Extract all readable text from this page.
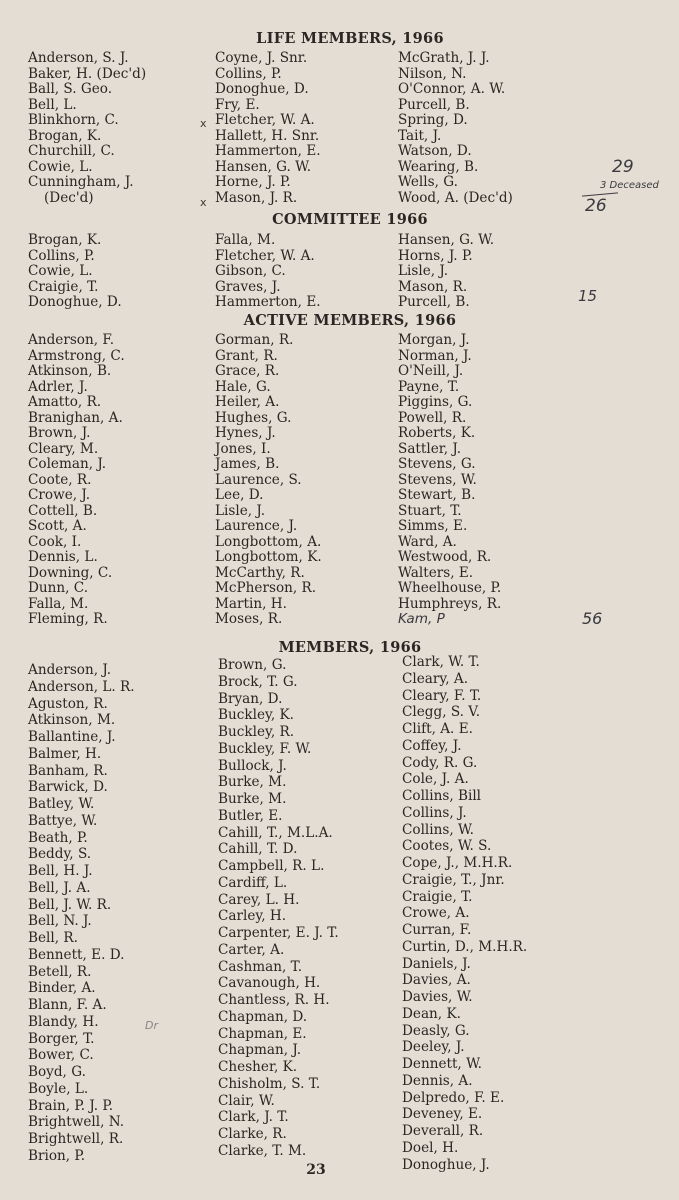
LIFE MEMBERS, 1966
Anderson, S. J.
Baker, H. (Dec'd)
Ball, S. Geo.
Bell, L.
Blinkhorn, C.
Brogan, K.
Churchill, C.
Cowie, L.
Cunningham, J.
(Dec'd)
Coyne, J. Snr.
Collins, P.
Donoghue, D.
Fry, E.
Fletcher, W. A.
Hallett, H. Snr.
Hammerton, E.
Hansen, G. W.
Horne, J. P.
Mason, J. R.
McGrath, J. J.
Nilson, N.
O'Connor, A. W.
Purcell, B.
Spring, D.
Tait, J.
Watson, D.
Wearing, B.
Wells, G.
Wood, A. (Dec'd)
x
x
COMMITTEE 1966
Brogan, K.
Collins, P.
Cowie, L.
Craigie, T.
Donoghue, D.
Falla, M.
Fletcher, W. A.
Gibson, C.
Graves, J.
Hammerton, E.
Hansen, G. W.
Horns, J. P.
Lisle, J.
Mason, R.
Purcell, B.
ACTIVE MEMBERS, 1966
Anderson, F.
Armstrong, C.
Atkinson, B.
Adrler, J.
Amatto, R.
Branighan, A.
Brown, J.
Cleary, M.
Coleman, J.
Coote, R.
Crowe, J.
Cottell, B.
Scott, A.
Cook, I.
Dennis, L.
Downing, C.
Dunn, C.
Falla, M.
Fleming, R.
Gorman, R.
Grant, R.
Grace, R.
Hale, G.
Heiler, A.
Hughes, G.
Hynes, J.
Jones, I.
James, B.
Laurence, S.
Lee, D.
Lisle, J.
Laurence, J.
Longbottom, A.
Longbottom, K.
McCarthy, R.
McPherson, R.
Martin, H.
Moses, R.
Morgan, J.
Norman, J.
O'Neill, J.
Payne, T.
Piggins, G.
Powell, R.
Roberts, K.
Sattler, J.
Stevens, G.
Stevens, W.
Stewart, B.
Stuart, T.
Simms, E.
Ward, A.
Westwood, R.
Walters, E.
Wheelhouse, P.
Humphreys, R.
Kam, P
MEMBERS, 1966
Anderson, J.
Anderson, L. R.
Aguston, R.
Atkinson, M.
Ballantine, J.
Balmer, H.
Banham, R.
Barwick, D.
Batley, W.
Battye, W.
Beath, P.
Beddy, S.
Bell, H. J.
Bell, J. A.
Bell, J. W. R.
Bell, N. J.
Bell, R.
Bennett, E. D.
Betell, R.
Binder, A.
Blann, F. A.
Blandy, H.
Borger, T.
Bower, C.
Boyd, G.
Boyle, L.
Brain, P. J. P.
Brightwell, N.
Brightwell, R.
Brion, P.
Brown, G.
Brock, T. G.
Bryan, D.
Buckley, K.
Buckley, R.
Buckley, F. W.
Bullock, J.
Burke, M.
Burke, M.
Butler, E.
Cahill, T., M.L.A.
Cahill, T. D.
Campbell, R. L.
Cardiff, L.
Carey, L. H.
Carley, H.
Carpenter, E. J. T.
Carter, A.
Cashman, T.
Cavanough, H.
Chantless, R. H.
Chapman, D.
Chapman, E.
Chapman, J.
Chesher, K.
Chisholm, S. T.
Clair, W.
Clark, J. T.
Clarke, R.
Clarke, T. M.
Clark, W. T.
Cleary, A.
Cleary, F. T.
Clegg, S. V.
Clift, A. E.
Coffey, J.
Cody, R. G.
Cole, J. A.
Collins, Bill
Collins, J.
Collins, W.
Cootes, W. S.
Cope, J., M.H.R.
Craigie, T., Jnr.
Craigie, T.
Crowe, A.
Curran, F.
Curtin, D., M.H.R.
Daniels, J.
Davies, A.
Davies, W.
Dean, K.
Deasly, G.
Deeley, J.
Dennett, W.
Dennis, A.
Delpredo, F. E.
Deveney, E.
Deverall, R.
Doel, H.
Donoghue, J.
29
3 Deceased
26
15
56
Dr
23
